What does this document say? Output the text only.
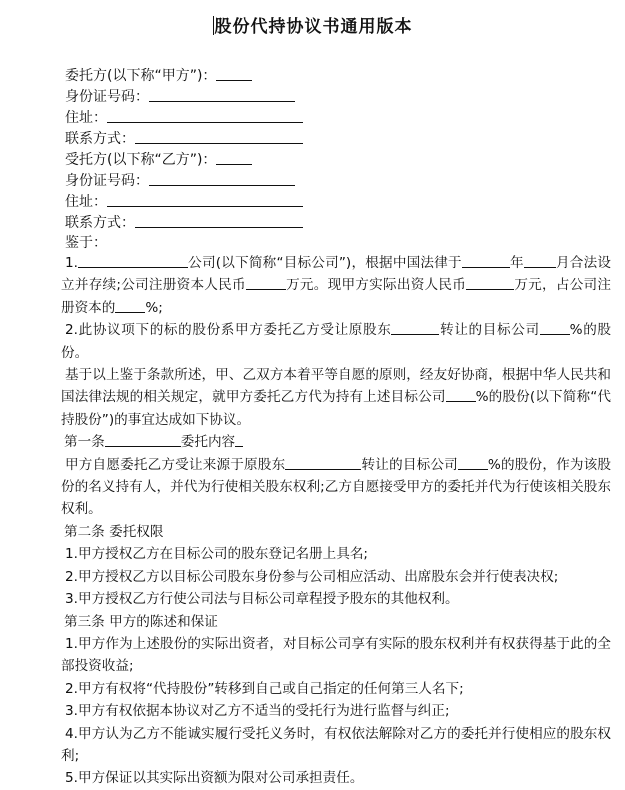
股份代持协议书通用版本
委托方(以下称“甲方”)：
身份证号码：
住址：
联系方式：
受托方(以下称“乙方”)：
身份证号码：
住址：
联系方式：
鉴于：

1.	公司(以下简称“目标公司”)，根据中国法律于	年 月合法设立并存续;公司注册资本人民币	万元。现甲方实际出资人民币	万元，占公司注册资本的 %;

2.此协议项下的标的股份系甲方委托乙方受让原股东	转让的目标公司 %的股份。

基于以上鉴于条款所述，甲、乙双方本着平等自愿的原则，经友好协商，根据中华人民共和国法律法规的相关规定，就甲方委托乙方代为持有上述目标公司 %的股份(以下简称“代持股份”)的事宜达成如下协议。

第一条	委托内容

甲方自愿委托乙方受让来源于原股东	转让的目标公司 %的股份，作为该股份的名义持有人，并代为行使相关股东权利;乙方自愿接受甲方的委托并代为行使该相关股东权利。

第二条 委托权限

1.甲方授权乙方在目标公司的股东登记名册上具名;

2.甲方授权乙方以目标公司股东身份参与公司相应活动、出席股东会并行使表决权;

3.甲方授权乙方行使公司法与目标公司章程授予股东的其他权利。

第三条 甲方的陈述和保证

1.甲方作为上述股份的实际出资者，对目标公司享有实际的股东权利并有权获得基于此的全部投资收益;

2.甲方有权将“代持股份”转移到自己或自己指定的任何第三人名下;

3.甲方有权依据本协议对乙方不适当的受托行为进行监督与纠正;

4.甲方认为乙方不能诚实履行受托义务时，有权依法解除对乙方的委托并行使相应的股东权利;

5.甲方保证以其实际出资额为限对公司承担责任。
